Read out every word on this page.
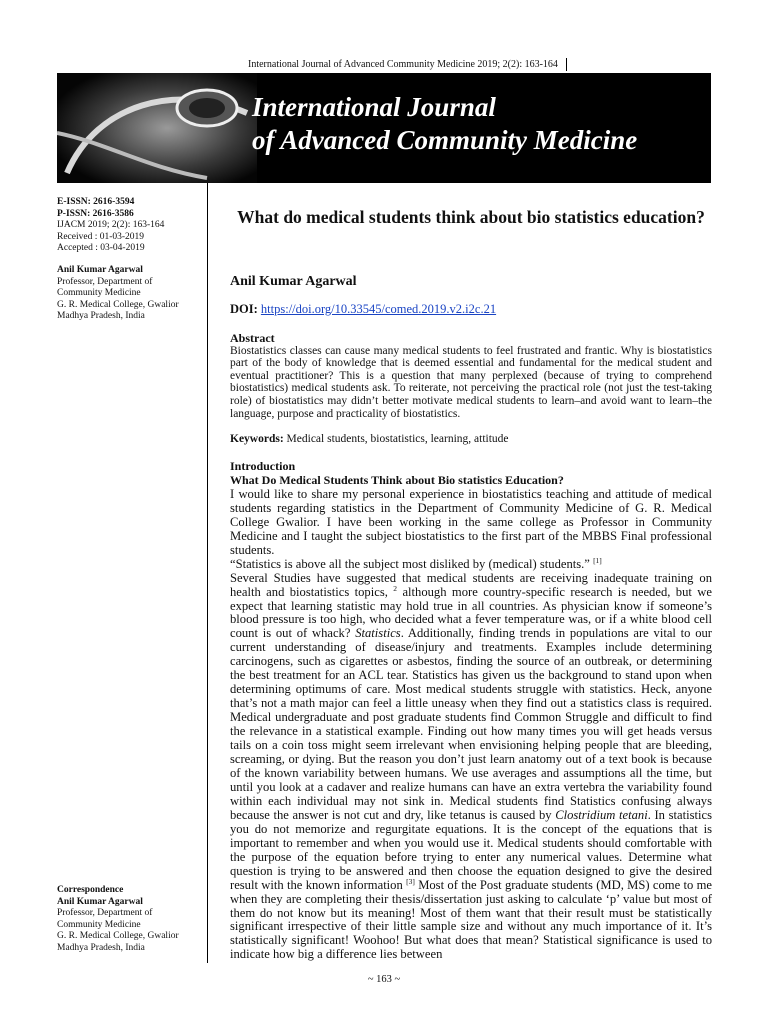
International Journal of Advanced Community Medicine 2019; 2(2): 163-164
International Journal
of Advanced Community Medicine
E-ISSN: 2616-3594
P-ISSN: 2616-3586
IJACM 2019; 2(2): 163-164
Received : 01-03-2019
Accepted : 03-04-2019
Anil Kumar Agarwal
Professor, Department of
Community Medicine
G. R. Medical College, Gwalior
Madhya Pradesh, India
Correspondence
Anil Kumar Agarwal
Professor, Department of
Community Medicine
G. R. Medical College, Gwalior
Madhya Pradesh, India
What do medical students think about bio statistics education?
Anil Kumar Agarwal
DOI: https://doi.org/10.33545/comed.2019.v2.i2c.21
Abstract
Biostatistics classes can cause many medical students to feel frustrated and frantic. Why is biostatistics part of the body of knowledge that is deemed essential and fundamental for the medical student and eventual practitioner? This is a question that many perplexed (because of trying to comprehend biostatistics) medical students ask. To reiterate, not perceiving the practical role (not just the test-taking role) of biostatistics may didn’t better motivate medical students to learn–and avoid want to learn–the language, purpose and practicality of biostatistics.
Keywords: Medical students, biostatistics, learning, attitude
Introduction
What Do Medical Students Think about Bio statistics Education?

I would like to share my personal experience in biostatistics teaching and attitude of medical students regarding statistics in the Department of Community Medicine of G. R. Medical College Gwalior. I have been working in the same college as Professor in Community Medicine and I taught the subject biostatistics to the first part of the MBBS Final professional students.

“Statistics is above all the subject most disliked by (medical) students.” [1]

Several Studies have suggested that medical students are receiving inadequate training on health and biostatistics topics, $^2$ although more country-specific research is needed, but we expect that learning statistic may hold true in all countries. As physician know if someone’s blood pressure is too high, who decided what a fever temperature was, or if a white blood cell count is out of whack? Statistics. Additionally, finding trends in populations are vital to our current understanding of disease/injury and treatments. Examples include determining carcinogens, such as cigarettes or asbestos, finding the source of an outbreak, or determining the best treatment for an ACL tear. Statistics has given us the background to stand upon when determining optimums of care. Most medical students struggle with statistics. Heck, anyone that’s not a math major can feel a little uneasy when they find out a statistics class is required. Medical undergraduate and post graduate students find Common Struggle and difficult to find the relevance in a statistical example. Finding out how many times you will get heads versus tails on a coin toss might seem irrelevant when envisioning helping people that are bleeding, screaming, or dying. But the reason you don’t just learn anatomy out of a text book is because of the known variability between humans. We use averages and assumptions all the time, but until you look at a cadaver and realize humans can have an extra vertebra the variability found within each individual may not sink in. Medical students find Statistics confusing always because the answer is not cut and dry, like tetanus is caused by Clostridium tetani. In statistics you do not memorize and regurgitate equations. It is the concept of the equations that is important to remember and when you would use it. Medical students should comfortable with the purpose of the equation before trying to enter any numerical values. Determine what question is trying to be answered and then choose the equation designed to give the desired result with the known information [3] Most of the Post graduate students (MD, MS) come to me when they are completing their thesis/dissertation just asking to calculate ‘p’ value but most of them do not know but its meaning! Most of them want that their result must be statistically significant irrespective of their little sample size and without any much importance of it. It’s statistically significant! Woohoo! But what does that mean? Statistical significance is used to indicate how big a difference lies between

~ 163 ~
